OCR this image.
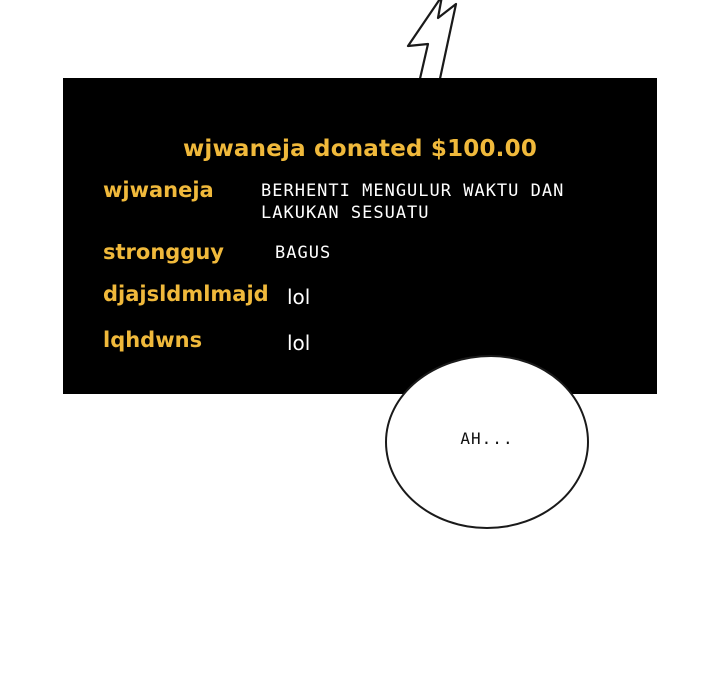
wjwaneja donated $100.00
wjwaneja	BERHENTI MENGULUR WAKTU DAN LAKUKAN SESUATU
strongguy	BAGUS
djajsldmlmajd lol
lqhdwns	lol
AH...
